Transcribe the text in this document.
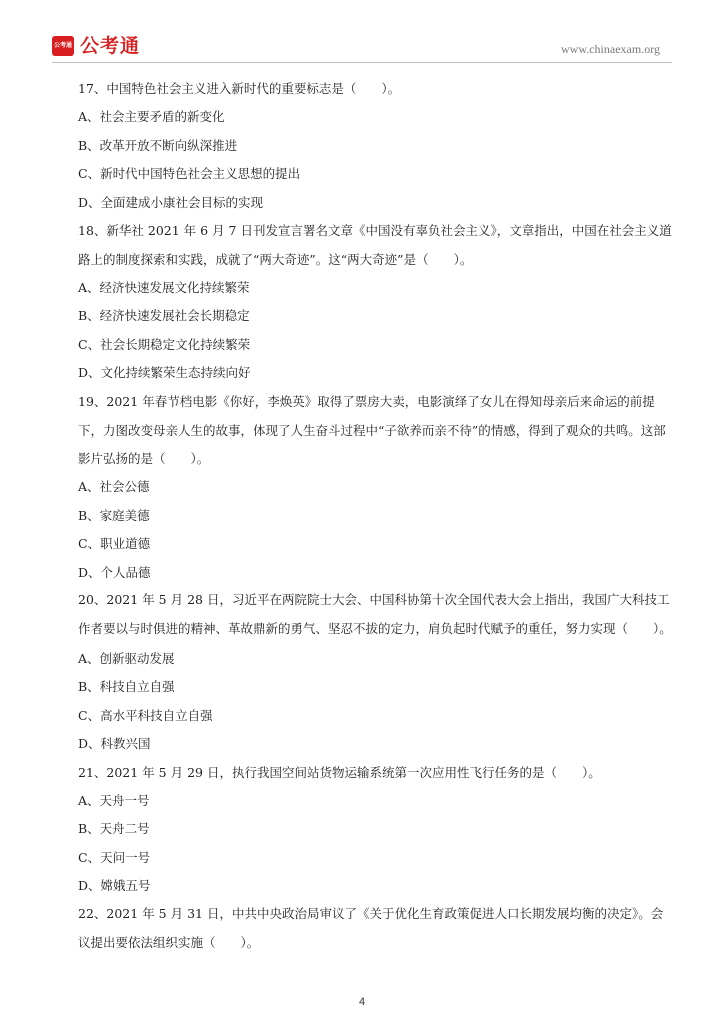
公考通 公考通	www.chinaexam.org
17、中国特色社会主义进入新时代的重要标志是（　　）。
A、社会主要矛盾的新变化
B、改革开放不断向纵深推进
C、新时代中国特色社会主义思想的提出
D、全面建成小康社会目标的实现
18、新华社 2021 年 6 月 7 日刊发宣言署名文章《中国没有辜负社会主义》，文章指出，中国在社会主义道路上的制度探索和实践，成就了“两大奇迹”。这“两大奇迹”是（　　）。
A、经济快速发展文化持续繁荣
B、经济快速发展社会长期稳定
C、社会长期稳定文化持续繁荣
D、文化持续繁荣生态持续向好
19、2021 年春节档电影《你好，李焕英》取得了票房大卖，电影演绎了女儿在得知母亲后来命运的前提下，力图改变母亲人生的故事，体现了人生奋斗过程中“子欲养而亲不待”的情感，得到了观众的共鸣。这部影片弘扬的是（　　）。
A、社会公德
B、家庭美德
C、职业道德
D、个人品德
20、2021 年 5 月 28 日，习近平在两院院士大会、中国科协第十次全国代表大会上指出，我国广大科技工作者要以与时俱进的精神、革故鼎新的勇气、坚忍不拔的定力，肩负起时代赋予的重任，努力实现（　　）。
A、创新驱动发展
B、科技自立自强
C、高水平科技自立自强
D、科教兴国
21、2021 年 5 月 29 日，执行我国空间站货物运输系统第一次应用性飞行任务的是（　　）。
A、天舟一号
B、天舟二号
C、天问一号
D、嫦娥五号
22、2021 年 5 月 31 日，中共中央政治局审议了《关于优化生育政策促进人口长期发展均衡的决定》。会议提出要依法组织实施（　　）。
4
